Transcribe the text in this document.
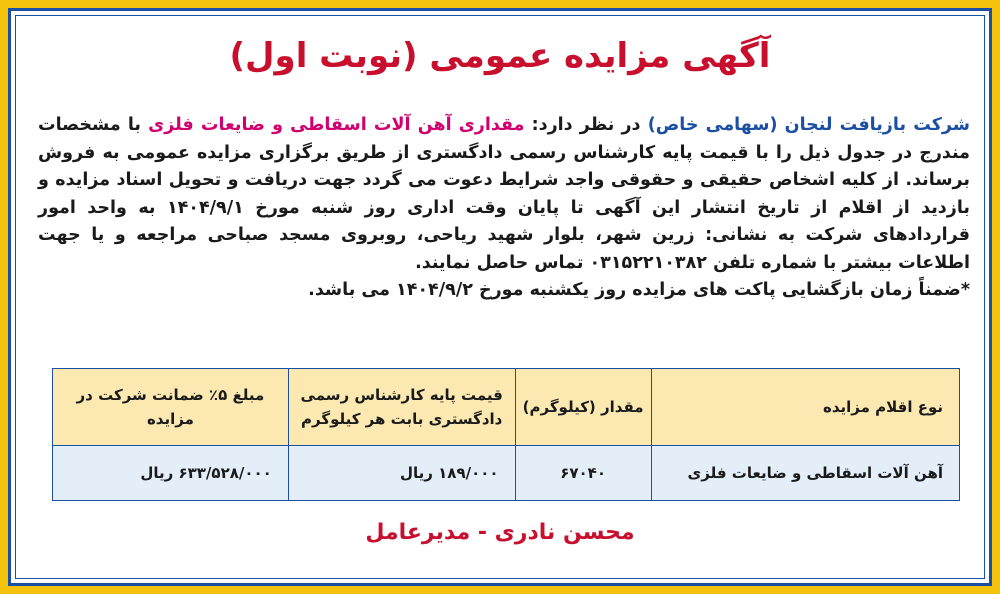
آگهی مزایده عمومی (نوبت اول)

شرکت بازیافت لنجان (سهامی خاص) در نظر دارد: مقداری آهن آلات اسقاطی و ضایعات فلزی با مشخصات مندرج در جدول ذیل را با قیمت پایه کارشناس رسمی دادگستری از طریق برگزاری مزایده عمومی به فروش برساند. از کلیه اشخاص حقیقی و حقوقی واجد شرایط دعوت می گردد جهت دریافت و تحویل اسناد مزایده و بازدید از اقلام از تاریخ انتشار این آگهی تا پایان وقت اداری روز شنبه مورخ ۱۴۰۴/۹/۱ به واحد امور قراردادهای شرکت به نشانی: زرین شهر، بلوار شهید ریاحی، روبروی مسجد صباحی مراجعه و یا جهت اطلاعات بیشتر با شماره تلفن ۰۳۱۵۲۲۱۰۳۸۲ تماس حاصل نمایند.

*ضمناً زمان بازگشایی پاکت های مزایده روز یکشنبه مورخ ۱۴۰۴/۹/۲ می باشد.

نوع اقلام مزایده	مقدار (کیلوگرم)	قیمت پایه کارشناس رسمی دادگستری بابت هر کیلوگرم	مبلغ ۵٪ ضمانت شرکت در مزایده
آهن آلات اسقاطی و ضایعات فلزی	۶۷۰۴۰	۱۸۹/۰۰۰ ریال	۶۳۳/۵۲۸/۰۰۰ ریال
محسن نادری - مدیرعامل
